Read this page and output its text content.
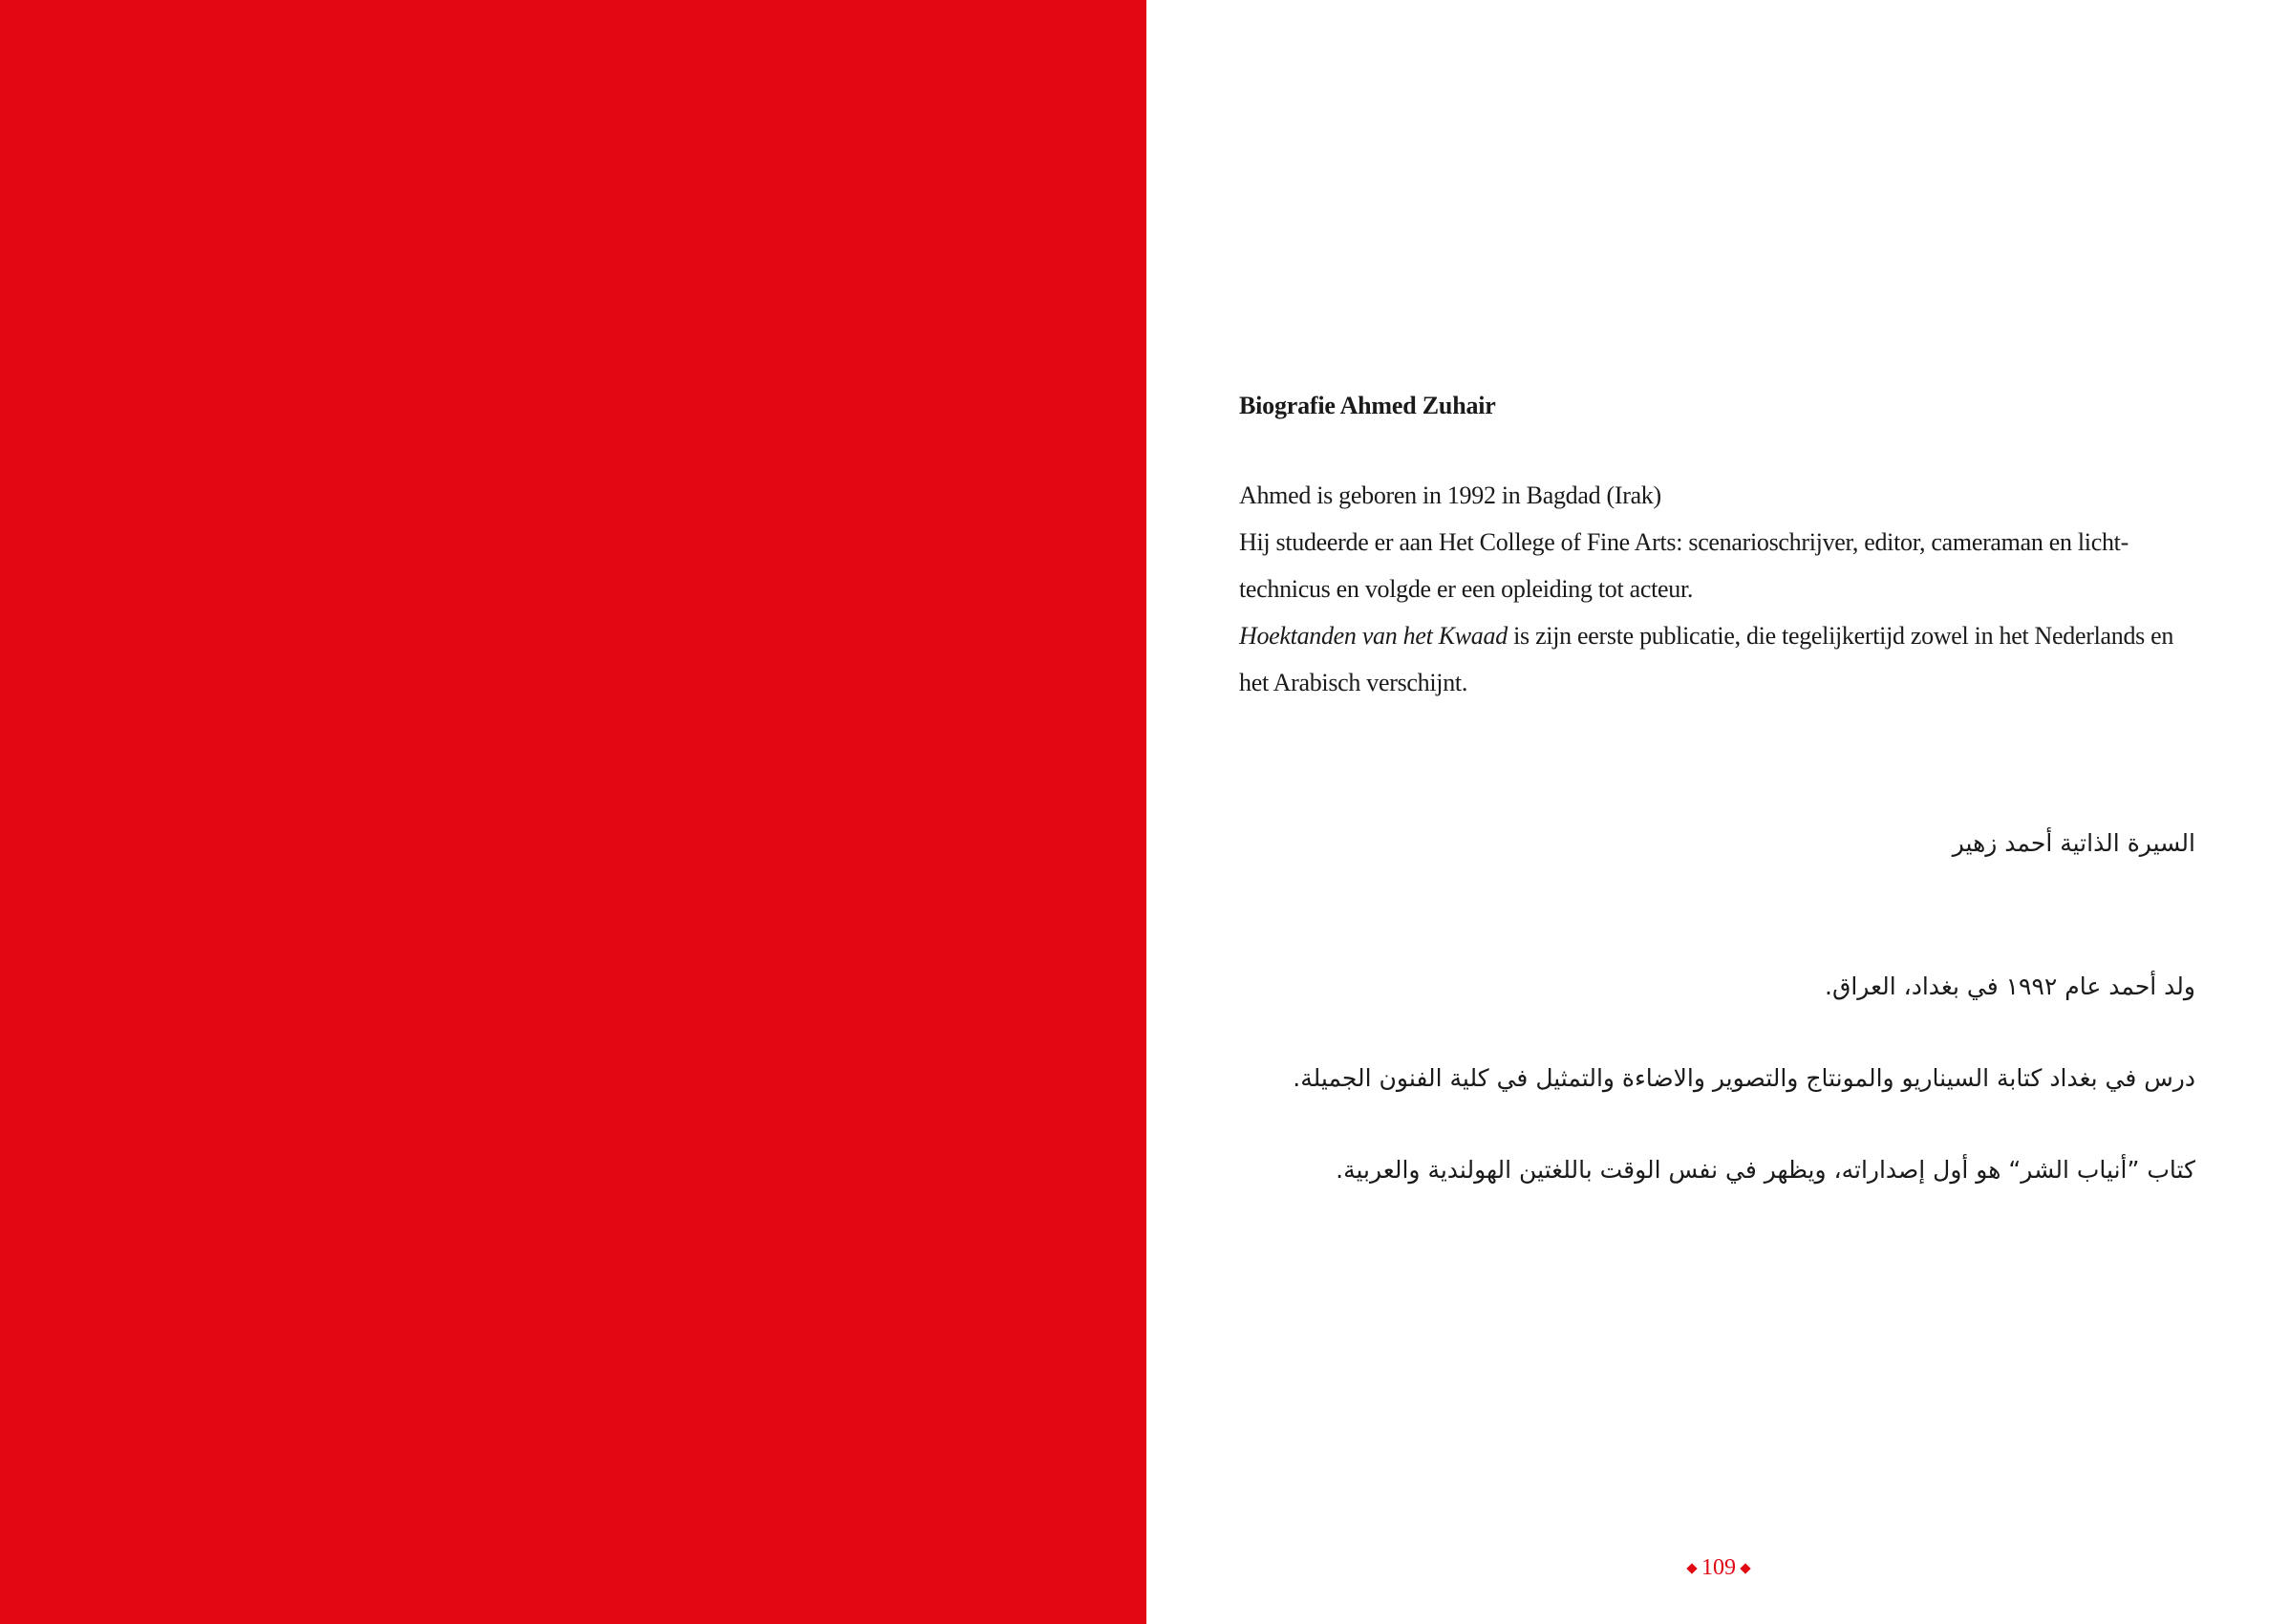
Biografie Ahmed Zuhair

Ahmed is geboren in 1992 in Bagdad (Irak)

Hij studeerde er aan Het College of Fine Arts: scenarioschrijver, editor, cameraman en licht-

technicus en volgde er een opleiding tot acteur.

Hoektanden van het Kwaad is zijn eerste publicatie, die tegelijkertijd zowel in het Nederlands en

het Arabisch verschijnt.

السيرة الذاتية أحمد زهير
ولد أحمد عام ١٩٩٢ في بغداد، العراق.
درس في بغداد كتابة السيناريو والمونتاج والتصوير والاضاءة والتمثيل في كلية الفنون الجميلة.
كتاب ”أنياب الشر“ هو أول إصداراته، ويظهر في نفس الوقت باللغتين الهولندية والعربية.
109
